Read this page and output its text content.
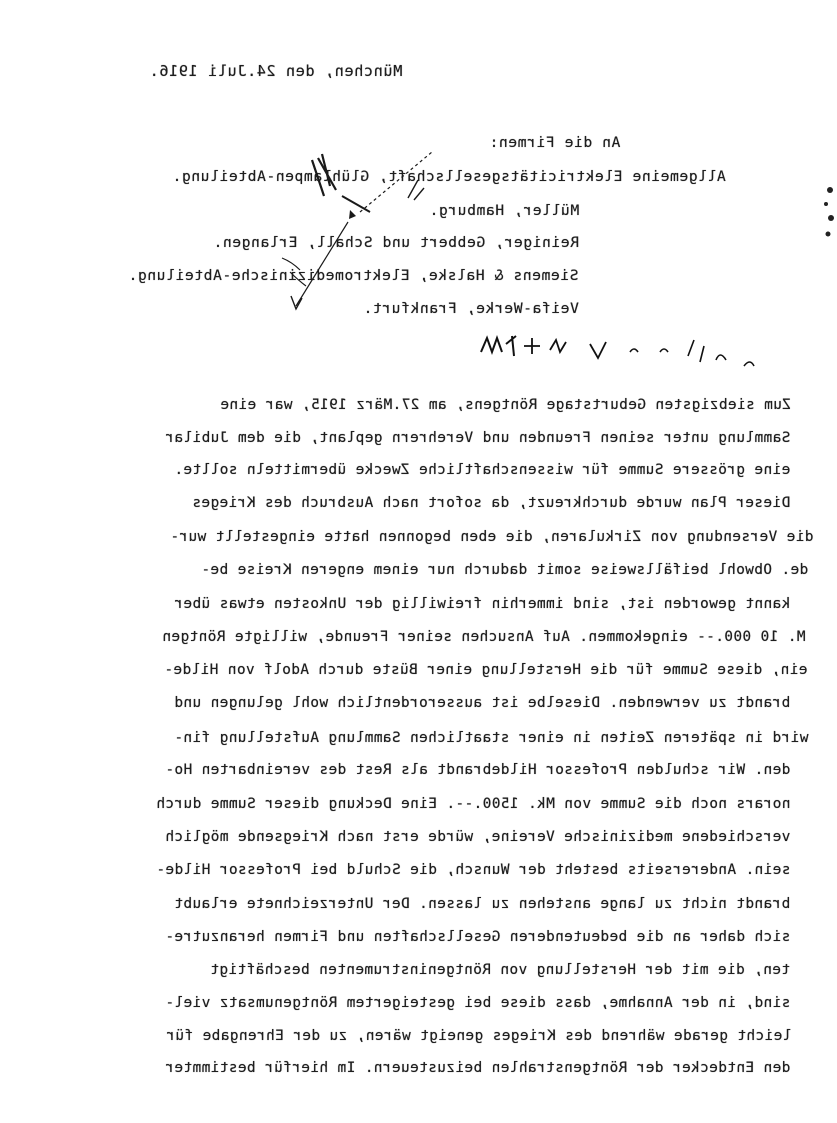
München, den 24.Juli 1916.
An die Firmen:
Allgemeine Elektricitätsgesellschaft, Glühlampen-Abteilung.
Müller, Hamburg.
Reiniger, Gebbert und Schall, Erlangen.
Siemens & Halske, Elektromedizinische-Abteilung.
Veifa-Werke, Frankfurt.
Zum siebzigsten Geburtstage Röntgens, am 27.März 1915, war eine
Sammlung unter seinen Freunden und Verehrern geplant, die dem Jubilar
eine grössere Summe für wissenschaftliche Zwecke übermitteln sollte.
Dieser Plan wurde durchkreuzt, da sofort nach Ausbruch des Krieges
die Versendung von Zirkularen, die eben begonnen hatte eingestellt wur-
de. Obwohl beifällsweise somit dadurch nur einem engeren Kreise be-
kannt geworden ist, sind immerhin freiwillig der Unkosten etwas über
M. 10 000.-- eingekommen. Auf Ansuchen seiner Freunde, willigte Röntgen
ein, diese Summe für die Herstellung einer Büste durch Adolf von Hilde-
brandt zu verwenden. Dieselbe ist ausserordentlich wohl gelungen und
wird in späteren Zeiten in einer staatlichen Sammlung Aufstellung fin-
den. Wir schulden Professor Hildebrandt als Rest des vereinbarten Ho-
norars noch die Summe von Mk. 1500.--. Eine Deckung dieser Summe durch
verschiedene medizinische Vereine, würde erst nach Kriegsende möglich
sein. Andererseits besteht der Wunsch, die Schuld bei Professor Hilde-
brandt nicht zu lange anstehen zu lassen. Der Unterzeichnete erlaubt
sich daher an die bedeutenderen Gesellschaften und Firmen heranzutre-
ten, die mit der Herstellung von Röntgeninstrumenten beschäftigt
sind, in der Annahme, dass diese bei gesteigertem Röntgenumsatz viel-
leicht gerade während des Krieges geneigt wären, zu der Ehrengabe für
den Entdecker der Röntgenstrahlen beizusteuern. Im hierfür bestimmter
